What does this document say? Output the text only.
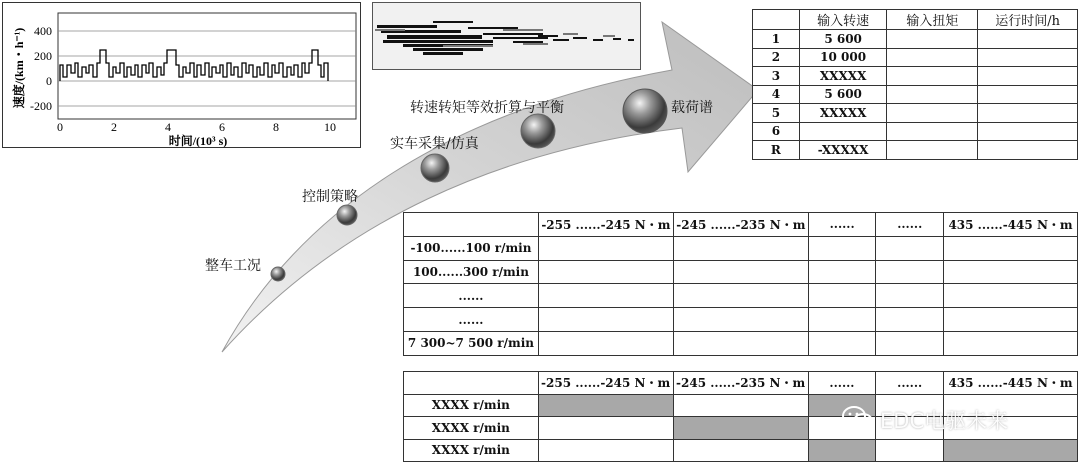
整车工况
控制策略
实车采集/仿真
转速转矩等效折算与平衡	载荷谱
400
200
0
-200
0	2	4	6	8	10
时间/(10³ s)
速度/(km・h⁻¹)
	输入转速	输入扭矩	运行时间/h
1	5 600		
2	10 000		
3	XXXXX		
4	5 600		
5	XXXXX		
6			
R	-XXXXX		
	-255 ......-245 N・m	-245 ......-235 N・m	......	......	435 ......-445 N・m
-100......100 r/min					
100......300 r/min					
......					
......					
7 300~7 500 r/min					
	-255 ......-245 N・m	-245 ......-235 N・m	......	......	435 ......-445 N・m
XXXX r/min					
XXXX r/min					
XXXX r/min					
EDC电驱未来
